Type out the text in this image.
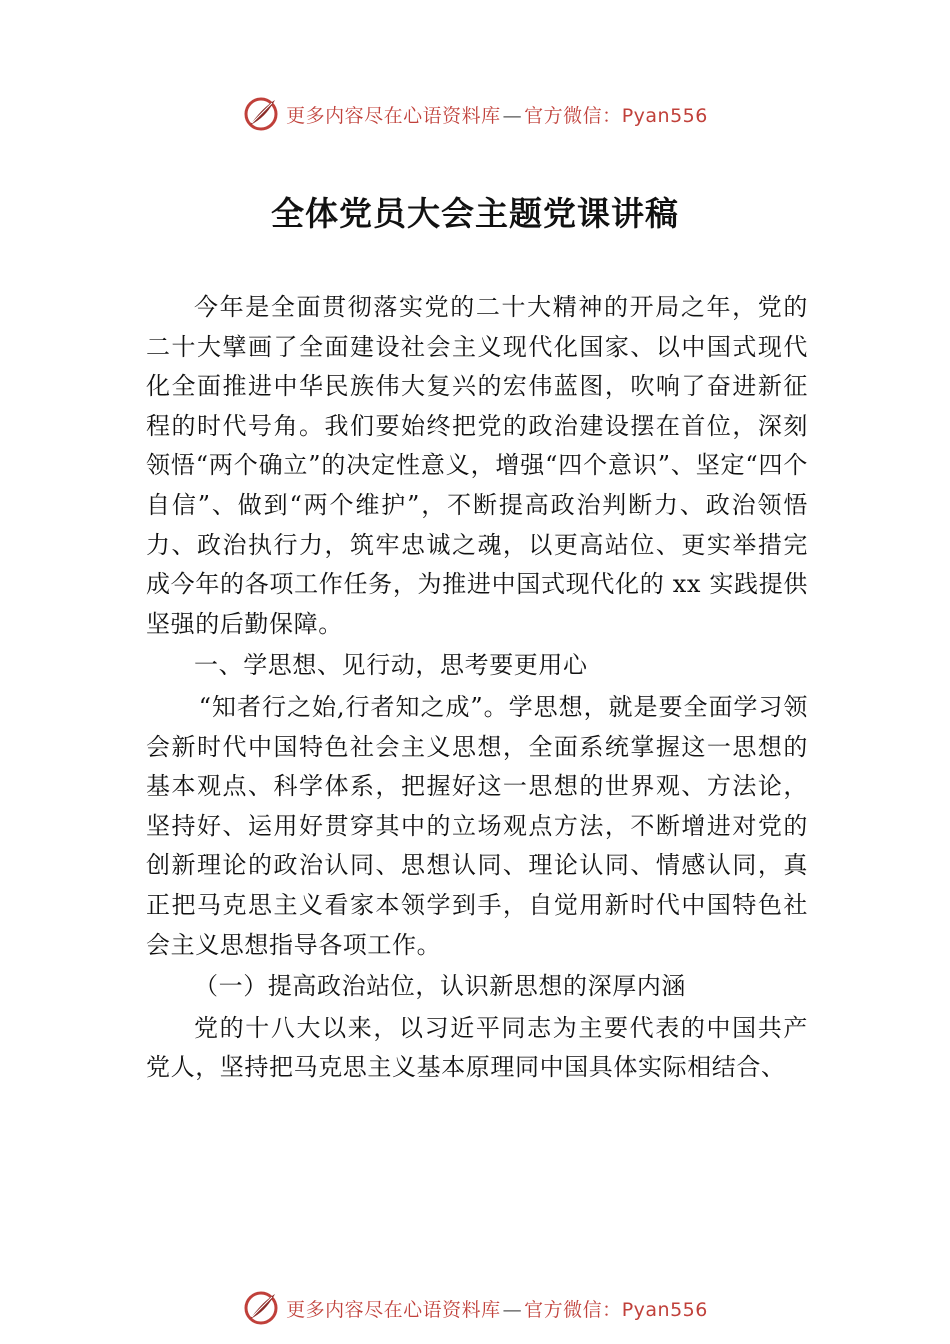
更多内容尽在心语资料库 — 官方微信：Pyan556
全体党员大会主题党课讲稿

今年是全面贯彻落实党的二十大精神的开局之年，党的二十大擘画了全面建设社会主义现代化国家、以中国式现代化全面推进中华民族伟大复兴的宏伟蓝图，吹响了奋进新征程的时代号角。我们要始终把党的政治建设摆在首位，深刻领悟“两个确立”的决定性意义，增强“四个意识”、坚定“四个自信”、做到“两个维护”，不断提高政治判断力、政治领悟力、政治执行力，筑牢忠诚之魂，以更高站位、更实举措完成今年的各项工作任务，为推进中国式现代化的 xx 实践提供坚强的后勤保障。

一、学思想、见行动，思考要更用心

“知者行之始,行者知之成”。学思想，就是要全面学习领会新时代中国特色社会主义思想，全面系统掌握这一思想的基本观点、科学体系，把握好这一思想的世界观、方法论， 坚持好、运用好贯穿其中的立场观点方法，不断增进对党的创新理论的政治认同、思想认同、理论认同、情感认同，真正把马克思主义看家本领学到手，自觉用新时代中国特色社会主义思想指导各项工作。

（一）提高政治站位，认识新思想的深厚内涵

党的十八大以来，以习近平同志为主要代表的中国共产党人，坚持把马克思主义基本原理同中国具体实际相结合、

更多内容尽在心语资料库 — 官方微信：Pyan556
